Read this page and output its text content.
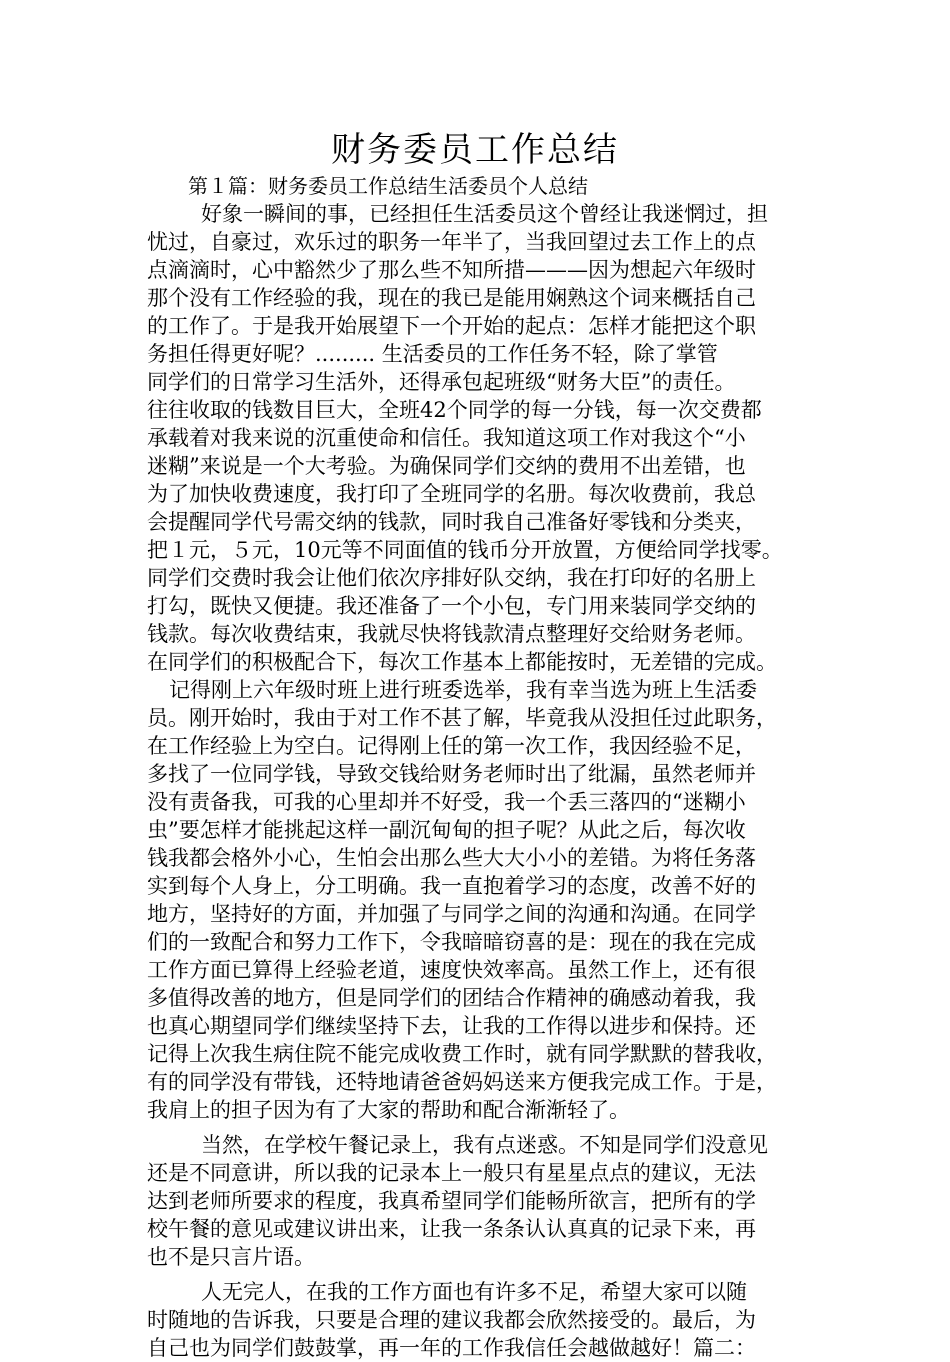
财务委员工作总结

第１篇：财务委员工作总结生活委员个人总结

好象一瞬间的事，已经担任生活委员这个曾经让我迷惘过，担
忧过，自豪过，欢乐过的职务一年半了，当我回望过去工作上的点
点滴滴时，心中豁然少了那么些不知所措———因为想起六年级时
那个没有工作经验的我，现在的我已是能用娴熟这个词来概括自己
的工作了。于是我开始展望下一个开始的起点：怎样才能把这个职
务担任得更好呢？......... 生活委员的工作任务不轻，除了掌管
同学们的日常学习生活外，还得承包起班级“财务大臣”的责任。
往往收取的钱数目巨大，全班42个同学的每一分钱，每一次交费都
承载着对我来说的沉重使命和信任。我知道这项工作对我这个“小
迷糊”来说是一个大考验。为确保同学们交纳的费用不出差错，也
为了加快收费速度，我打印了全班同学的名册。每次收费前，我总
会提醒同学代号需交纳的钱款，同时我自己准备好零钱和分类夹，
把１元，５元，10元等不同面值的钱币分开放置，方便给同学找零。
同学们交费时我会让他们依次序排好队交纳，我在打印好的名册上
打勾，既快又便捷。我还准备了一个小包，专门用来装同学交纳的
钱款。每次收费结束，我就尽快将钱款清点整理好交给财务老师。
在同学们的积极配合下，每次工作基本上都能按时，无差错的完成。
记得刚上六年级时班上进行班委选举，我有幸当选为班上生活委
员。刚开始时，我由于对工作不甚了解，毕竟我从没担任过此职务，
在工作经验上为空白。记得刚上任的第一次工作，我因经验不足，
多找了一位同学钱，导致交钱给财务老师时出了纰漏，虽然老师并
没有责备我，可我的心里却并不好受，我一个丢三落四的“迷糊小
虫”要怎样才能挑起这样一副沉甸甸的担子呢？从此之后，每次收
钱我都会格外小心，生怕会出那么些大大小小的差错。为将任务落
实到每个人身上，分工明确。我一直抱着学习的态度，改善不好的
地方，坚持好的方面，并加强了与同学之间的沟通和沟通。在同学
们的一致配合和努力工作下，令我暗暗窃喜的是：现在的我在完成
工作方面已算得上经验老道，速度快效率高。虽然工作上，还有很
多值得改善的地方，但是同学们的团结合作精神的确感动着我，我
也真心期望同学们继续坚持下去，让我的工作得以进步和保持。还
记得上次我生病住院不能完成收费工作时，就有同学默默的替我收，
有的同学没有带钱，还特地请爸爸妈妈送来方便我完成工作。于是，
我肩上的担子因为有了大家的帮助和配合渐渐轻了。
当然，在学校午餐记录上，我有点迷惑。不知是同学们没意见
还是不同意讲，所以我的记录本上一般只有星星点点的建议，无法
达到老师所要求的程度，我真希望同学们能畅所欲言，把所有的学
校午餐的意见或建议讲出来，让我一条条认认真真的记录下来，再
也不是只言片语。
人无完人，在我的工作方面也有许多不足，希望大家可以随
时随地的告诉我，只要是合理的建议我都会欣然接受的。最后，为
自己也为同学们鼓鼓掌，再一年的工作我信任会越做越好！篇二：
